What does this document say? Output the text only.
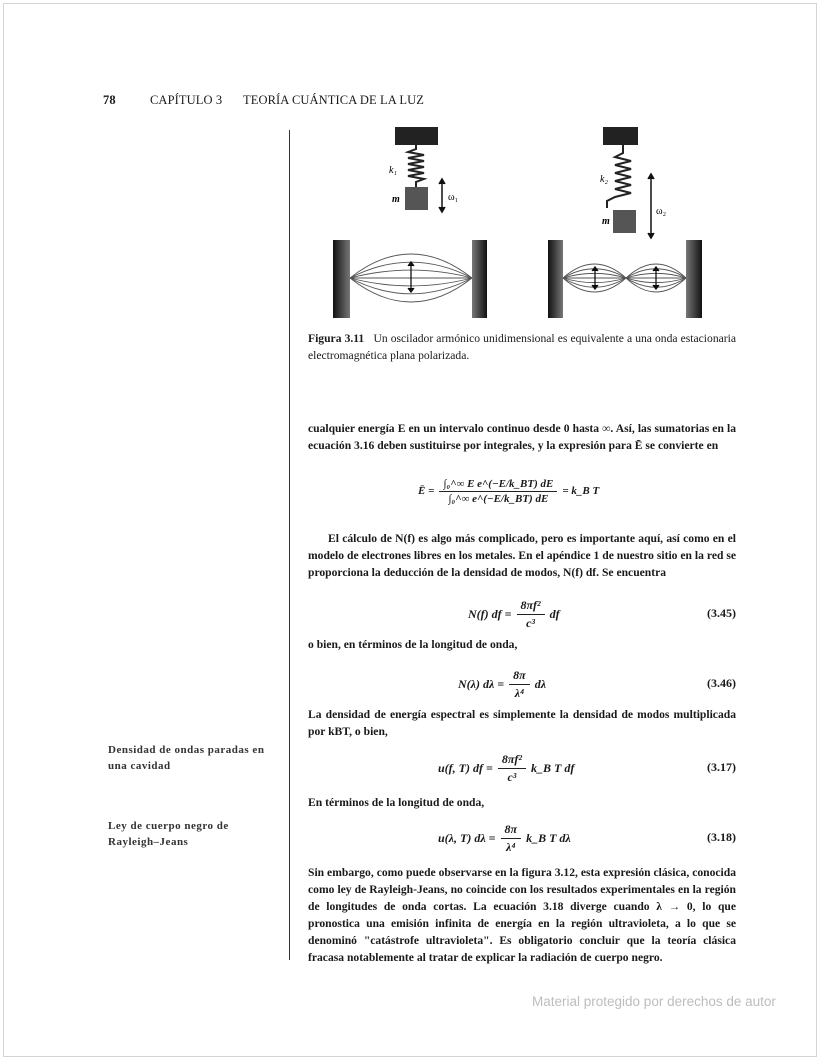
78	CAPÍTULO 3 TEORÍA CUÁNTICA DE LA LUZ
k₁
m	ω₁
k₂
m
ω₂
Figura 3.11 Un oscilador armónico unidimensional es equivalente a una onda estacionaria electromagnética plana polarizada.
cualquier energía E en un intervalo continuo desde 0 hasta ∞. Así, las sumatorias en la ecuación 3.16 deben sustituirse por integrales, y la expresión para Ē se convierte en
Ē = $\frac{\text{∫₀\textasciicircum{}∞ E e\textasciicircum{}(−E/k\_BT) dE}}{\text{∫₀\textasciicircum{}∞ e\textasciicircum{}(−E/k\_BT) dE}}$ = k_B T
El cálculo de N(f) es algo más complicado, pero es importante aquí, así como en el modelo de electrones libres en los metales. En el apéndice 1 de nuestro sitio en la red se proporciona la deducción de la densidad de modos, N(f) df. Se encuentra
N(f) df = $\frac{\text{8πf²}}{\text{c³}}$ df	(3.45)
o bien, en términos de la longitud de onda,
N(λ) $d\lambda = \frac{8\pi}{\text{λ⁴}}$ dλ	(3.46)
La densidad de energía espectral es simplemente la densidad de modos multiplicada por kBT, o bien,
u(f, T) df = $\frac{\text{8πf²}}{\text{c³}}$ k_B T df	(3.17)
En términos de la longitud de onda,
u(λ, T) $d\lambda = \frac{8\pi}{\text{λ⁴}}$ k_B T dλ	(3.18)
Sin embargo, como puede observarse en la figura 3.12, esta expresión clásica, conocida como ley de Rayleigh-Jeans, no coincide con los resultados experimentales en la región de longitudes de onda cortas. La ecuación 3.18 diverge cuando λ → 0, lo que pronostica una emisión infinita de energía en la región ultravioleta, a lo que se denominó "catástrofe ultravioleta". Es obligatorio concluir que la teoría clásica fracasa notablemente al tratar de explicar la radiación de cuerpo negro.
Densidad de ondas paradas en una cavidad
Ley de cuerpo negro de Rayleigh–Jeans
Material protegido por derechos de autor
